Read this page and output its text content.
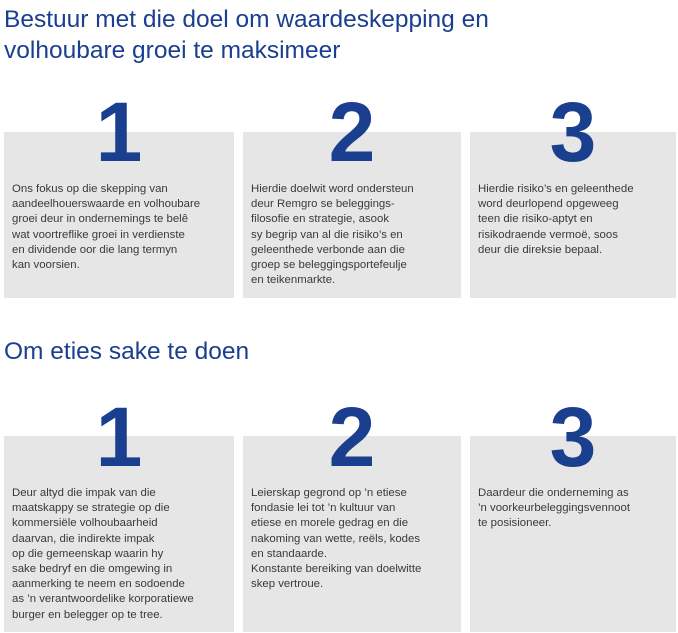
Bestuur met die doel om waardeskepping en
volhoubare groei te maksimeer

Ons fokus op die skepping van
aandeelhouerswaarde en volhoubare
groei deur in ondernemings te belê
wat voortreflike groei in verdienste
en dividende oor die lang termyn
kan voorsien.

Hierdie doelwit word ondersteun
deur Remgro se beleggings-
filosofie en strategie, asook
sy begrip van al die risiko’s en
geleenthede verbonde aan die
groep se beleggingsportefeulje
en teikenmarkte.

Hierdie risiko’s en geleenthede
word deurlopend opgeweeg
teen die risiko-aptyt en
risikodraende vermoë, soos
deur die direksie bepaal.

1	2	3
Om eties sake te doen

Deur altyd die impak van die
maatskappy se strategie op die
kommersiële volhoubaarheid
daarvan, die indirekte impak
op die gemeenskap waarin hy
sake bedryf en die omgewing in
aanmerking te neem en sodoende
as ’n verantwoordelike korporatiewe
burger en belegger op te tree.

Leierskap gegrond op ’n etiese
fondasie lei tot ’n kultuur van
etiese en morele gedrag en die
nakoming van wette, reëls, kodes
en standaarde.
Konstante bereiking van doelwitte
skep vertroue.

Daardeur die onderneming as
’n voorkeurbeleggingsvennoot
te posisioneer.

1	2	3
